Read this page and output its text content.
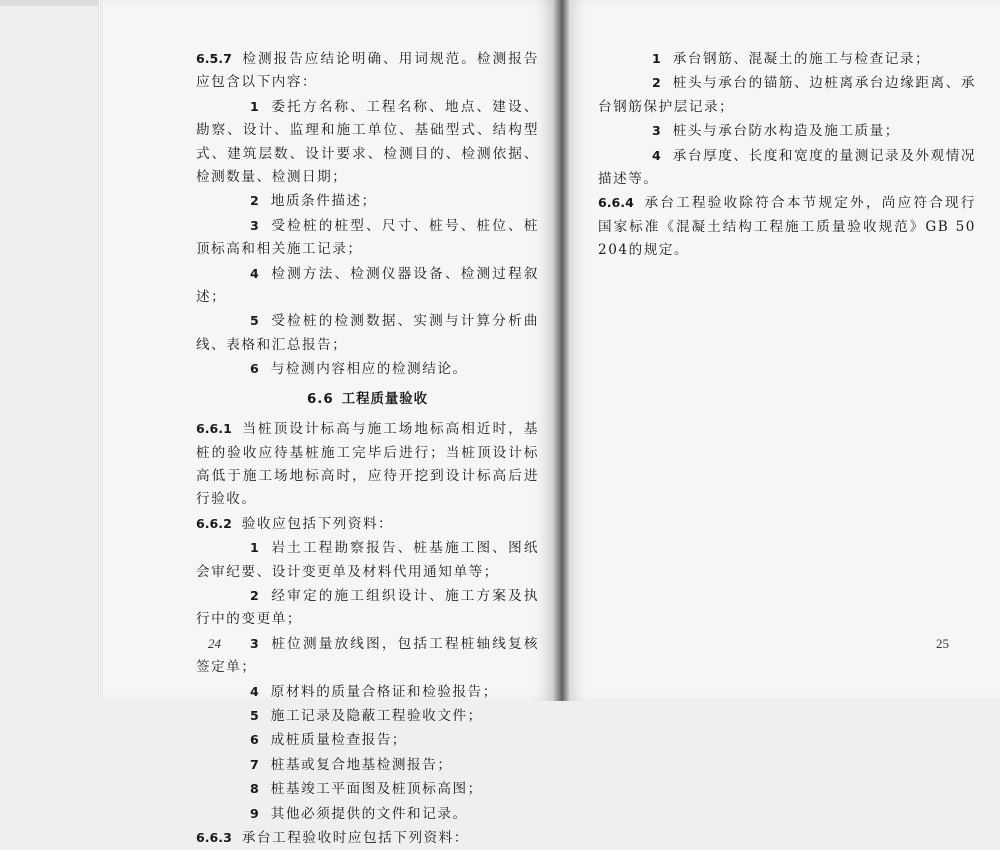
6.5.7 检测报告应结论明确、用词规范。检测报告应包含以下内容：

1 委托方名称、工程名称、地点、建设、勘察、设计、监理和施工单位、基础型式、结构型式、建筑层数、设计要求、检测目的、检测依据、检测数量、检测日期；

2 地质条件描述；

3 受检桩的桩型、尺寸、桩号、桩位、桩顶标高和相关施工记录；

4 检测方法、检测仪器设备、检测过程叙述；

5 受检桩的检测数据、实测与计算分析曲线、表格和汇总报告；

6 与检测内容相应的检测结论。

6.6 工程质量验收

6.6.1 当桩顶设计标高与施工场地标高相近时，基桩的验收应待基桩施工完毕后进行；当桩顶设计标高低于施工场地标高时，应待开挖到设计标高后进行验收。

6.6.2 验收应包括下列资料：

1 岩土工程勘察报告、桩基施工图、图纸会审纪要、设计变更单及材料代用通知单等；

2 经审定的施工组织设计、施工方案及执行中的变更单；

3 桩位测量放线图，包括工程桩轴线复核签定单；

4 原材料的质量合格证和检验报告；

5 施工记录及隐蔽工程验收文件；

6 成桩质量检查报告；

7 桩基或复合地基检测报告；

8 桩基竣工平面图及桩顶标高图；

9 其他必须提供的文件和记录。

6.6.3 承台工程验收时应包括下列资料：

24

1 承台钢筋、混凝土的施工与检查记录；

2 桩头与承台的锚筋、边桩离承台边缘距离、承台钢筋保护层记录；

3 桩头与承台防水构造及施工质量；

4 承台厚度、长度和宽度的量测记录及外观情况描述等。

6.6.4 承台工程验收除符合本节规定外，尚应符合现行国家标准《混凝土结构工程施工质量验收规范》GB 50204的规定。

25
